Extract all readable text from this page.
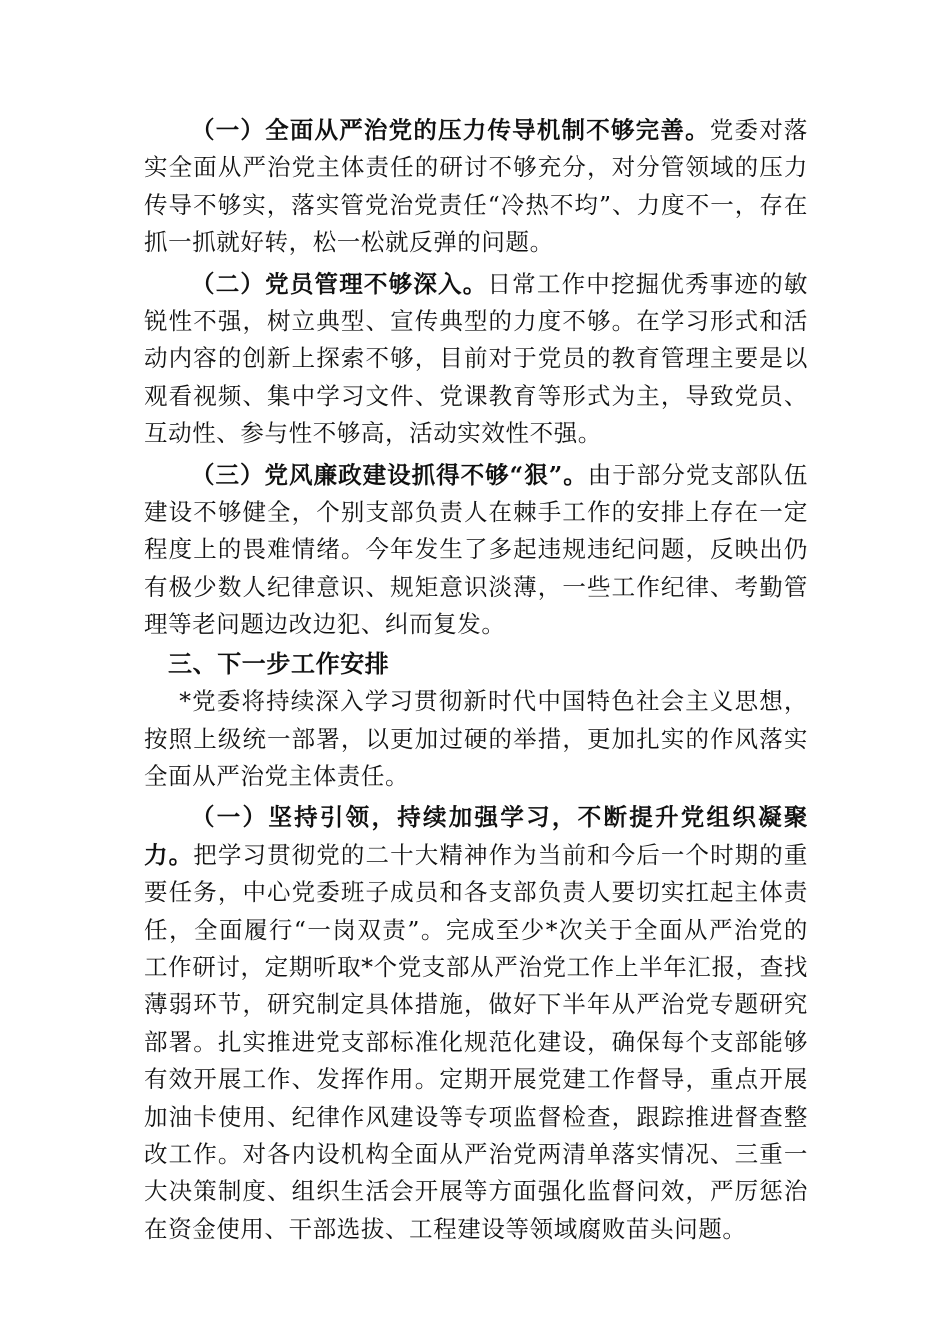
（一）全面从严治党的压力传导机制不够完善。党委对落实全面从严治党主体责任的研讨不够充分，对分管领域的压力传导不够实，落实管党治党责任“冷热不均”、力度不一，存在抓一抓就好转，松一松就反弹的问题。

（二）党员管理不够深入。日常工作中挖掘优秀事迹的敏锐性不强，树立典型、宣传典型的力度不够。在学习形式和活动内容的创新上探索不够，目前对于党员的教育管理主要是以观看视频、集中学习文件、党课教育等形式为主，导致党员、互动性、参与性不够高，活动实效性不强。

（三）党风廉政建设抓得不够“狠”。由于部分党支部队伍建设不够健全，个别支部负责人在棘手工作的安排上存在一定程度上的畏难情绪。今年发生了多起违规违纪问题，反映出仍有极少数人纪律意识、规矩意识淡薄，一些工作纪律、考勤管理等老问题边改边犯、纠而复发。

三、下一步工作安排

*党委将持续深入学习贯彻新时代中国特色社会主义思想，按照上级统一部署，以更加过硬的举措，更加扎实的作风落实全面从严治党主体责任。

（一）坚持引领，持续加强学习，不断提升党组织凝聚力。把学习贯彻党的二十大精神作为当前和今后一个时期的重要任务，中心党委班子成员和各支部负责人要切实扛起主体责任，全面履行“一岗双责”。完成至少*次关于全面从严治党的工作研讨，定期听取*个党支部从严治党工作上半年汇报，查找薄弱环节，研究制定具体措施，做好下半年从严治党专题研究部署。扎实推进党支部标准化规范化建设，确保每个支部能够有效开展工作、发挥作用。定期开展党建工作督导，重点开展加油卡使用、纪律作风建设等专项监督检查，跟踪推进督查整改工作。对各内设机构全面从严治党两清单落实情况、三重一大决策制度、组织生活会开展等方面强化监督问效，严厉惩治在资金使用、干部选拔、工程建设等领域腐败苗头问题。
